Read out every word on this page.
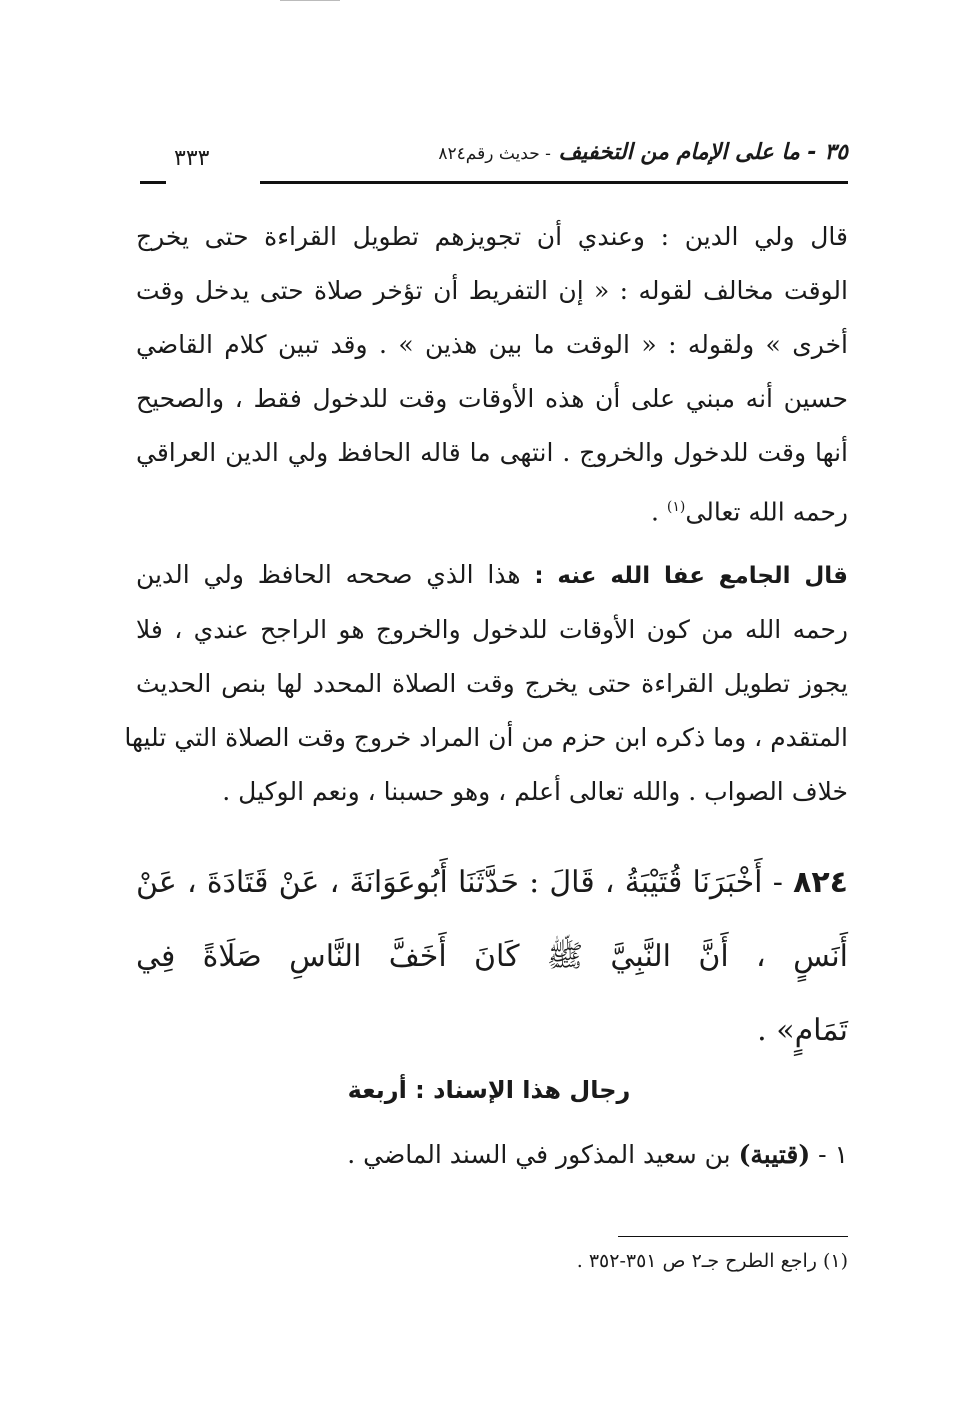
٣٥ - ما على الإمام من التخفيف - حديث رقم٨٢٤
٣٣٣
قال ولي الدين : وعندي أن تجويزهم تطويل القراءة حتى يخرج
الوقت مخالف لقوله : « إن التفريط أن تؤخر صلاة حتى يدخل وقت
أخرى » ولقوله : « الوقت ما بين هذين » . وقد تبين كلام القاضي
حسين أنه مبني على أن هذه الأوقات وقت للدخول فقط ، والصحيح
أنها وقت للدخول والخروج . انتهى ما قاله الحافظ ولي الدين العراقي
رحمه الله تعالى$^{(١)}$ .
قال الجامع عفا الله عنه : هذا الذي صححه الحافظ ولي الدين
رحمه الله من كون الأوقات للدخول والخروج هو الراجح عندي ، فلا
يجوز تطويل القراءة حتى يخرج وقت الصلاة المحدد لها بنص الحديث
المتقدم ، وما ذكره ابن حزم من أن المراد خروج وقت الصلاة التي تليها
خلاف الصواب . والله تعالى أعلم ، وهو حسبنا ، ونعم الوكيل .
٨٢٤ - أَخْبَرَنَا قُتَيْبَةُ ، قَالَ : حَدَّثَنَا أَبُوعَوَانَةَ ، عَنْ قَتَادَةَ ، عَنْ
أَنَسٍ ، أَنَّ النَّبِيَّ ﷺ كَانَ أَخَفَّ النَّاسِ صَلَاةً فِي
تَمَامٍ» .
رجال هذا الإسناد : أربعة
١ - (قتيبة) بن سعيد المذكور في السند الماضي .
(١) راجع الطرح جـ٢ ص ٣٥١-٣٥٢ .
